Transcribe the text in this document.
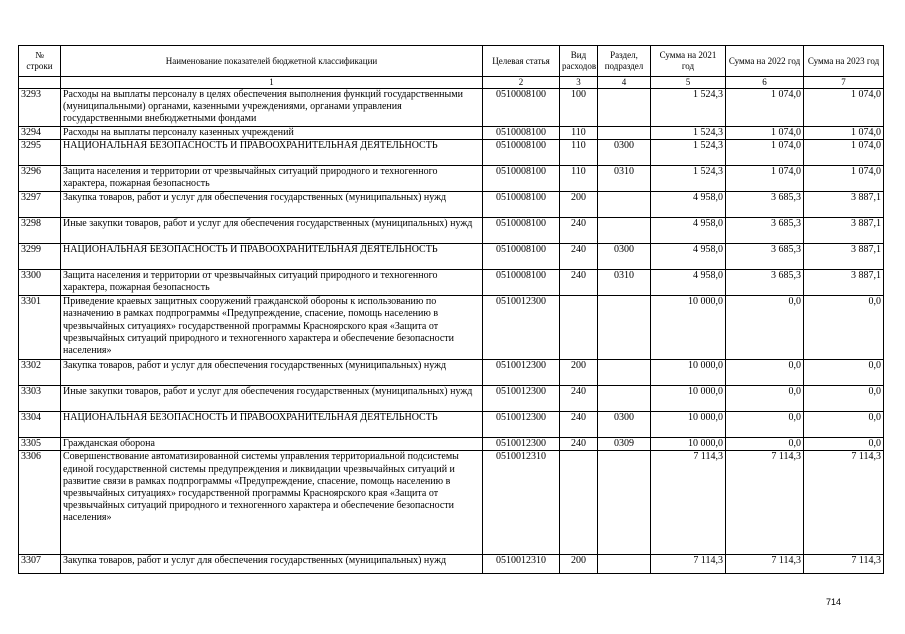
№ строки	Наименование показателей бюджетной классификации	Целевая статья	Вид расходов	Раздел, подраздел	Сумма на 2021 год	Сумма на 2022 год	Сумма на 2023 год
	1	2	3	4	5	6	7
3293	Расходы на выплаты персоналу в целях обеспечения выполнения функций государственными (муниципальными) органами, казенными учреждениями, органами управления государственными внебюджетными фондами	0510008100	100		1 524,3	1 074,0	1 074,0
3294	Расходы на выплаты персоналу казенных учреждений	0510008100	110		1 524,3	1 074,0	1 074,0
3295	НАЦИОНАЛЬНАЯ БЕЗОПАСНОСТЬ И ПРАВООХРАНИТЕЛЬНАЯ ДЕЯТЕЛЬНОСТЬ	0510008100	110	0300	1 524,3	1 074,0	1 074,0
3296	Защита населения и территории от чрезвычайных ситуаций природного и техногенного характера, пожарная безопасность	0510008100	110	0310	1 524,3	1 074,0	1 074,0
3297	Закупка товаров, работ и услуг для обеспечения государственных (муниципальных) нужд	0510008100	200		4 958,0	3 685,3	3 887,1
3298	Иные закупки товаров, работ и услуг для обеспечения государственных (муниципальных) нужд	0510008100	240		4 958,0	3 685,3	3 887,1
3299	НАЦИОНАЛЬНАЯ БЕЗОПАСНОСТЬ И ПРАВООХРАНИТЕЛЬНАЯ ДЕЯТЕЛЬНОСТЬ	0510008100	240	0300	4 958,0	3 685,3	3 887,1
3300	Защита населения и территории от чрезвычайных ситуаций природного и техногенного характера, пожарная безопасность	0510008100	240	0310	4 958,0	3 685,3	3 887,1
3301	Приведение краевых защитных сооружений гражданской обороны к использованию по назначению в рамках подпрограммы «Предупреждение, спасение, помощь населению в чрезвычайных ситуациях» государственной программы Красноярского края «Защита от чрезвычайных ситуаций природного и техногенного характера и обеспечение безопасности населения»	0510012300			10 000,0	0,0	0,0
3302	Закупка товаров, работ и услуг для обеспечения государственных (муниципальных) нужд	0510012300	200		10 000,0	0,0	0,0
3303	Иные закупки товаров, работ и услуг для обеспечения государственных (муниципальных) нужд	0510012300	240		10 000,0	0,0	0,0
3304	НАЦИОНАЛЬНАЯ БЕЗОПАСНОСТЬ И ПРАВООХРАНИТЕЛЬНАЯ ДЕЯТЕЛЬНОСТЬ	0510012300	240	0300	10 000,0	0,0	0,0
3305	Гражданская оборона	0510012300	240	0309	10 000,0	0,0	0,0
3306	Совершенствование автоматизированной системы управления территориальной подсистемы единой государственной системы предупреждения и ликвидации чрезвычайных ситуаций и развитие связи в рамках подпрограммы «Предупреждение, спасение, помощь населению в чрезвычайных ситуациях» государственной программы Красноярского края «Защита от чрезвычайных ситуаций природного и техногенного характера и обеспечение безопасности населения»	0510012310			7 114,3	7 114,3	7 114,3
3307	Закупка товаров, работ и услуг для обеспечения государственных (муниципальных) нужд	0510012310	200		7 114,3	7 114,3	7 114,3
714
